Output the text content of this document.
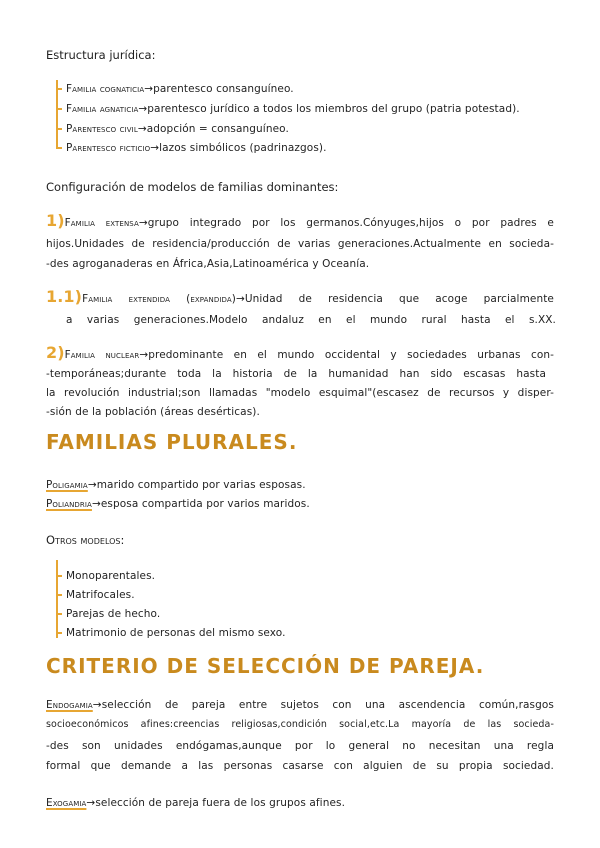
Estructura jurídica:
Familia cognaticia→parentesco consanguíneo.
Familia agnaticia→parentesco jurídico a todos los miembros del grupo (patria potestad).
Parentesco civil→adopción = consanguíneo.
Parentesco ficticio→lazos simbólicos (padrinazgos).
Configuración de modelos de familias dominantes:
1)Familia extensa→grupo integrado por los germanos.Cónyuges,hijos o por padres e
hijos.Unidades de residencia/producción de varias generaciones.Actualmente en socieda-
-des agroganaderas en África,Asia,Latinoamérica y Oceanía.
1.1)Familia extendida (expandida)→Unidad de residencia que acoge parcialmente
a varias generaciones.Modelo andaluz en el mundo rural hasta el s.XX.
2)Familia nuclear→predominante en el mundo occidental y sociedades urbanas con-
-temporáneas;durante toda la historia de la humanidad han sido escasas hasta
la revolución industrial;son llamadas "modelo esquimal"(escasez de recursos y disper-
-sión de la población (áreas desérticas).
FAMILIAS PLURALES.
Poligamia→marido compartido por varias esposas.
Poliandria→esposa compartida por varios maridos.
Otros modelos:
Monoparentales.
Matrifocales.
Parejas de hecho.
Matrimonio de personas del mismo sexo.
CRITERIO DE SELECCIÓN DE PAREJA.
Endogamia→selección de pareja entre sujetos con una ascendencia común,rasgos
socioeconómicos afines:creencias religiosas,condición social,etc.La mayoría de las socieda-
-des son unidades endógamas,aunque por lo general no necesitan una regla
formal que demande a las personas casarse con alguien de su propia sociedad.
Exogamia→selección de pareja fuera de los grupos afines.
